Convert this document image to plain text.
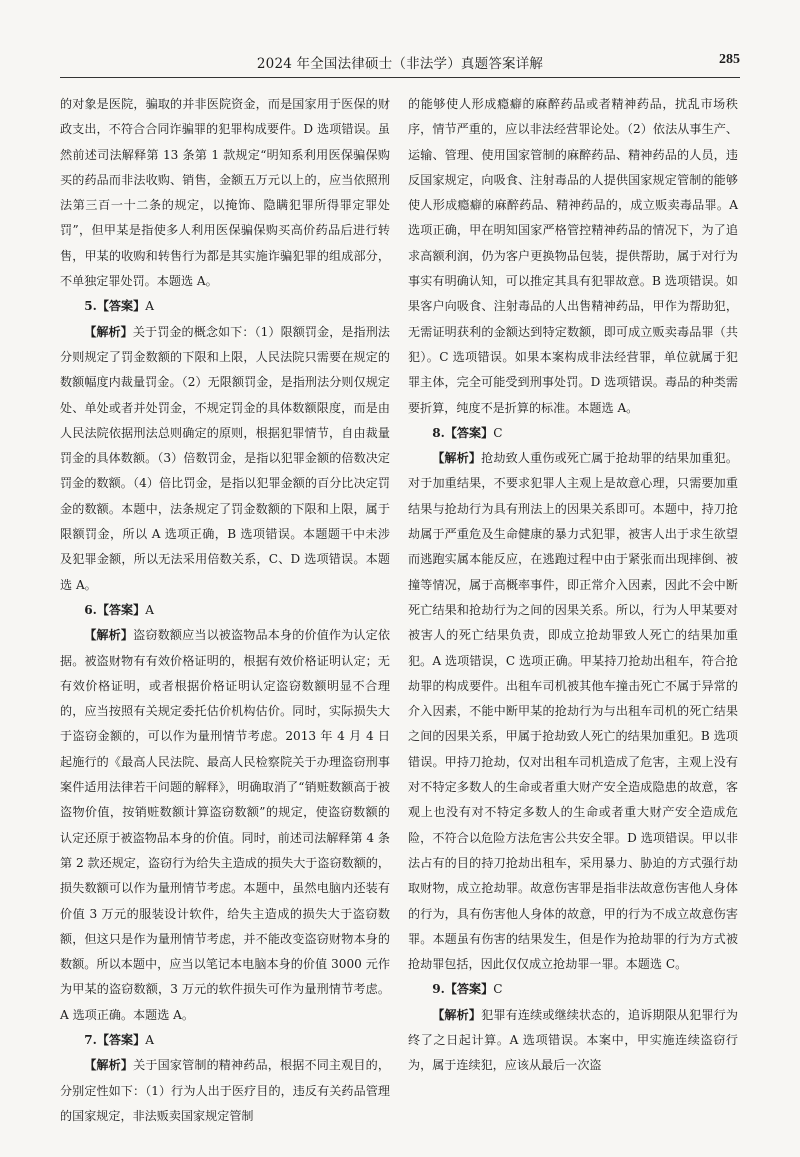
2024 年全国法律硕士（非法学）真题答案详解	285

的对象是医院，骗取的并非医院资金，而是国家用于医保的财政支出，不符合合同诈骗罪的犯罪构成要件。D 选项错误。虽然前述司法解释第 13 条第 1 款规定“明知系利用医保骗保购买的药品而非法收购、销售，金额五万元以上的，应当依照刑法第三百一十二条的规定，以掩饰、隐瞒犯罪所得罪定罪处罚”，但甲某是指使多人利用医保骗保购买高价药品后进行转售，甲某的收购和转售行为都是其实施诈骗犯罪的组成部分，不单独定罪处罚。本题选 A。

5.【答案】A

【解析】关于罚金的概念如下：（1）限额罚金，是指刑法分则规定了罚金数额的下限和上限，人民法院只需要在规定的数额幅度内裁量罚金。（2）无限额罚金，是指刑法分则仅规定处、单处或者并处罚金，不规定罚金的具体数额限度，而是由人民法院依据刑法总则确定的原则，根据犯罪情节，自由裁量罚金的具体数额。（3）倍数罚金，是指以犯罪金额的倍数决定罚金的数额。（4）倍比罚金，是指以犯罪金额的百分比决定罚金的数额。本题中，法条规定了罚金数额的下限和上限，属于限额罚金，所以 A 选项正确，B 选项错误。本题题干中未涉及犯罪金额，所以无法采用倍数关系，C、D 选项错误。本题选 A。

6.【答案】A

【解析】盗窃数额应当以被盗物品本身的价值作为认定依据。被盗财物有有效价格证明的，根据有效价格证明认定；无有效价格证明，或者根据价格证明认定盗窃数额明显不合理的，应当按照有关规定委托估价机构估价。同时，实际损失大于盗窃金额的，可以作为量刑情节考虑。2013 年 4 月 4 日起施行的《最高人民法院、最高人民检察院关于办理盗窃刑事案件适用法律若干问题的解释》，明确取消了“销赃数额高于被盗物价值，按销赃数额计算盗窃数额”的规定，使盗窃数额的认定还原于被盗物品本身的价值。同时，前述司法解释第 4 条第 2 款还规定，盗窃行为给失主造成的损失大于盗窃数额的，损失数额可以作为量刑情节考虑。本题中，虽然电脑内还装有价值 3 万元的服装设计软件，给失主造成的损失大于盗窃数额，但这只是作为量刑情节考虑，并不能改变盗窃财物本身的数额。所以本题中，应当以笔记本电脑本身的价值 3000 元作为甲某的盗窃数额，3 万元的软件损失可作为量刑情节考虑。A 选项正确。本题选 A。

7.【答案】A

【解析】关于国家管制的精神药品，根据不同主观目的，分别定性如下：（1）行为人出于医疗目的，违反有关药品管理的国家规定，非法贩卖国家规定管制

的能够使人形成瘾癖的麻醉药品或者精神药品，扰乱市场秩序，情节严重的，应以非法经营罪论处。（2）依法从事生产、运输、管理、使用国家管制的麻醉药品、精神药品的人员，违反国家规定，向吸食、注射毒品的人提供国家规定管制的能够使人形成瘾癖的麻醉药品、精神药品的，成立贩卖毒品罪。A 选项正确，甲在明知国家严格管控精神药品的情况下，为了追求高额利润，仍为客户更换物品包装，提供帮助，属于对行为事实有明确认知，可以推定其具有犯罪故意。B 选项错误。如果客户向吸食、注射毒品的人出售精神药品，甲作为帮助犯，无需证明获利的金额达到特定数额，即可成立贩卖毒品罪（共犯）。C 选项错误。如果本案构成非法经营罪，单位就属于犯罪主体，完全可能受到刑事处罚。D 选项错误。毒品的种类需要折算，纯度不是折算的标准。本题选 A。

8.【答案】C

【解析】抢劫致人重伤或死亡属于抢劫罪的结果加重犯。对于加重结果，不要求犯罪人主观上是故意心理，只需要加重结果与抢劫行为具有刑法上的因果关系即可。本题中，持刀抢劫属于严重危及生命健康的暴力式犯罪，被害人出于求生欲望而逃跑实属本能反应，在逃跑过程中由于紧张而出现摔倒、被撞等情况，属于高概率事件，即正常介入因素，因此不会中断死亡结果和抢劫行为之间的因果关系。所以，行为人甲某要对被害人的死亡结果负责，即成立抢劫罪致人死亡的结果加重犯。A 选项错误，C 选项正确。甲某持刀抢劫出租车，符合抢劫罪的构成要件。出租车司机被其他车撞击死亡不属于异常的介入因素，不能中断甲某的抢劫行为与出租车司机的死亡结果之间的因果关系，甲属于抢劫致人死亡的结果加重犯。B 选项错误。甲持刀抢劫，仅对出租车司机造成了危害，主观上没有对不特定多数人的生命或者重大财产安全造成隐患的故意，客观上也没有对不特定多数人的生命或者重大财产安全造成危险，不符合以危险方法危害公共安全罪。D 选项错误。甲以非法占有的目的持刀抢劫出租车，采用暴力、胁迫的方式强行劫取财物，成立抢劫罪。故意伤害罪是指非法故意伤害他人身体的行为，具有伤害他人身体的故意，甲的行为不成立故意伤害罪。本题虽有伤害的结果发生，但是作为抢劫罪的行为方式被抢劫罪包括，因此仅仅成立抢劫罪一罪。本题选 C。

9.【答案】C

【解析】犯罪有连续或继续状态的，追诉期限从犯罪行为终了之日起计算。A 选项错误。本案中，甲实施连续盗窃行为，属于连续犯，应该从最后一次盗
